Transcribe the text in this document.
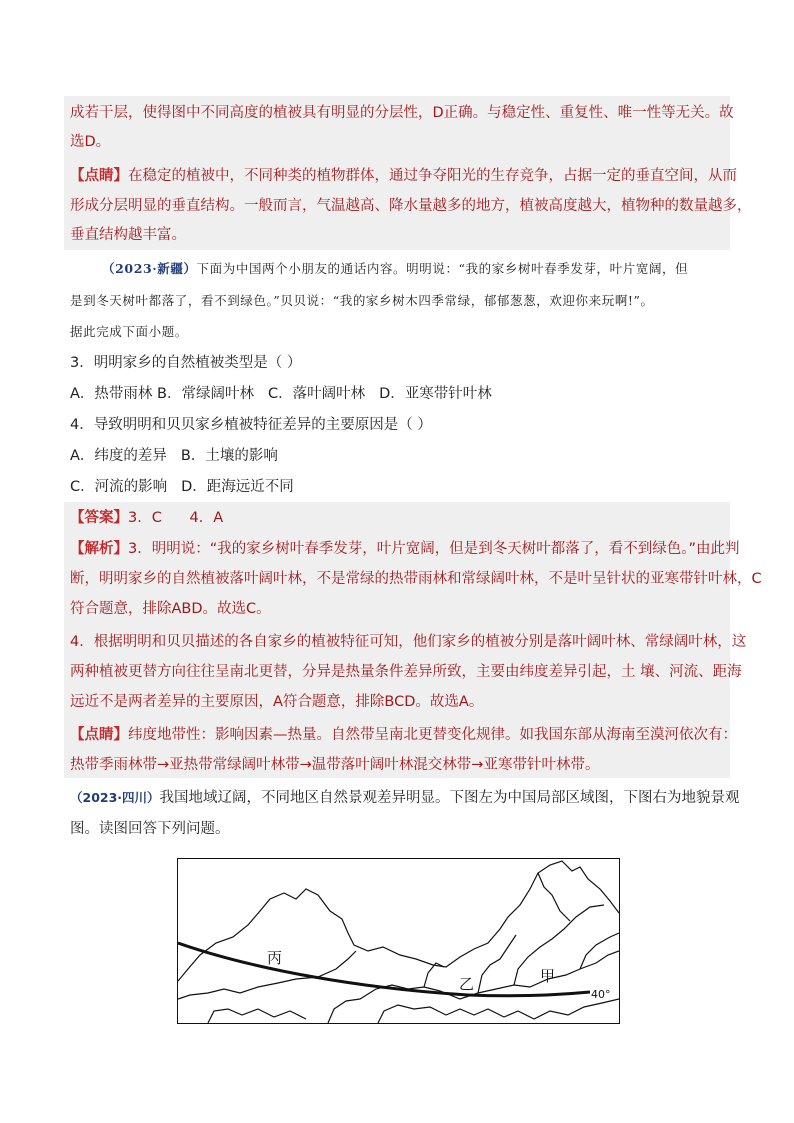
成若干层，使得图中不同高度的植被具有明显的分层性，D正确。与稳定性、重复性、唯一性等无关。故
选D。
【点睛】在稳定的植被中，不同种类的植物群体，通过争夺阳光的生存竞争，占据一定的垂直空间，从而
形成分层明显的垂直结构。一般而言，气温越高、降水量越多的地方，植被高度越大，植物种的数量越多，
垂直结构越丰富。
（2023·新疆）下面为中国两个小朋友的通话内容。明明说：“我的家乡树叶春季发芽，叶片宽阔，但
是到冬天树叶都落了，看不到绿色。”贝贝说：“我的家乡树木四季常绿，郁郁葱葱，欢迎你来玩啊!”。
据此完成下面小题。
3．明明家乡的自然植被类型是（ ）
A．热带雨林 B．常绿阔叶林 C．落叶阔叶林 D．亚寒带针叶林
4．导致明明和贝贝家乡植被特征差异的主要原因是（ ）
A．纬度的差异 B．土壤的影响
C．河流的影响 D．距海远近不同
【答案】3．C      4．A
【解析】3．明明说：“我的家乡树叶春季发芽，叶片宽阔，但是到冬天树叶都落了，看不到绿色。”由此判
断，明明家乡的自然植被落叶阔叶林，不是常绿的热带雨林和常绿阔叶林，不是叶呈针状的亚寒带针叶林，C
符合题意，排除ABD。故选C。
4．根据明明和贝贝描述的各自家乡的植被特征可知，他们家乡的植被分别是落叶阔叶林、常绿阔叶林，这
两种植被更替方向往往呈南北更替，分异是热量条件差异所致，主要由纬度差异引起，土 壤、河流、距海
远近不是两者差异的主要原因，A符合题意，排除BCD。故选A。
【点睛】纬度地带性：影响因素—热量。自然带呈南北更替变化规律。如我国东部从海南至漠河依次有：
热带季雨林带→亚热带常绿阔叶林带→温带落叶阔叶林混交林带→亚寒带针叶林带。
（2023·四川）我国地域辽阔，不同地区自然景观差异明显。下图左为中国局部区域图，下图右为地貌景观
图。读图回答下列问题。
丙
乙	甲
40°
